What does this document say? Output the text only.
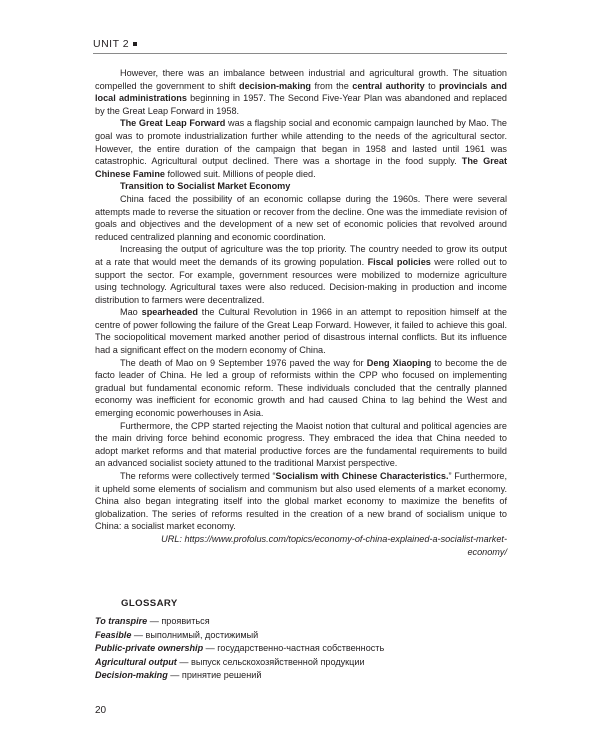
UNIT 2

However, there was an imbalance between industrial and agricultural growth. The situation compelled the government to shift decision-making from the central authority to provincials and local administrations beginning in 1957. The Second Five-Year Plan was abandoned and replaced by the Great Leap Forward in 1958.

The Great Leap Forward was a flagship social and economic campaign launched by Mao. The goal was to promote industrialization further while attending to the needs of the agricultural sector. However, the entire duration of the campaign that began in 1958 and lasted until 1961 was catastrophic. Agricultural output declined. There was a shortage in the food supply. The Great Chinese Famine followed suit. Millions of people died.

Transition to Socialist Market Economy

China faced the possibility of an economic collapse during the 1960s. There were several attempts made to reverse the situation or recover from the decline. One was the immediate revision of goals and objectives and the development of a new set of economic policies that revolved around reduced centralized planning and economic coordination.

Increasing the output of agriculture was the top priority. The country needed to grow its output at a rate that would meet the demands of its growing population. Fiscal policies were rolled out to support the sector. For example, government resources were mobilized to modernize agriculture using technology. Agricultural taxes were also reduced. Decision-making in production and income distribution to farmers were decentralized.

Mao spearheaded the Cultural Revolution in 1966 in an attempt to reposition himself at the centre of power following the failure of the Great Leap Forward. However, it failed to achieve this goal. The sociopolitical movement marked another period of disastrous internal conflicts. But its influence had a significant effect on the modern economy of China.

The death of Mao on 9 September 1976 paved the way for Deng Xiaoping to become the de facto leader of China. He led a group of reformists within the CPP who focused on implementing gradual but fundamental economic reform. These individuals concluded that the centrally planned economy was inefficient for economic growth and had caused China to lag behind the West and emerging economic powerhouses in Asia.

Furthermore, the CPP started rejecting the Maoist notion that cultural and political agencies are the main driving force behind economic progress. They embraced the idea that China needed to adopt market reforms and that material productive forces are the fundamental requirements to build an advanced socialist society attuned to the traditional Marxist perspective.

The reforms were collectively termed “Socialism with Chinese Characteristics.” Furthermore, it upheld some elements of socialism and communism but also used elements of a market economy. China also began integrating itself into the global market economy to maximize the benefits of globalization. The series of reforms resulted in the creation of a new brand of socialism unique to China: a socialist market economy.

URL: https://www.profolus.com/topics/economy-of-china-explained-a-socialist-market-
economy/

GLOSSARY
To transpire — проявиться
Feasible — выполнимый, достижимый
Public-private ownership — государственно-частная собственность
Agricultural output — выпуск сельскохозяйственной продукции
Decision-making — принятие решений
20
